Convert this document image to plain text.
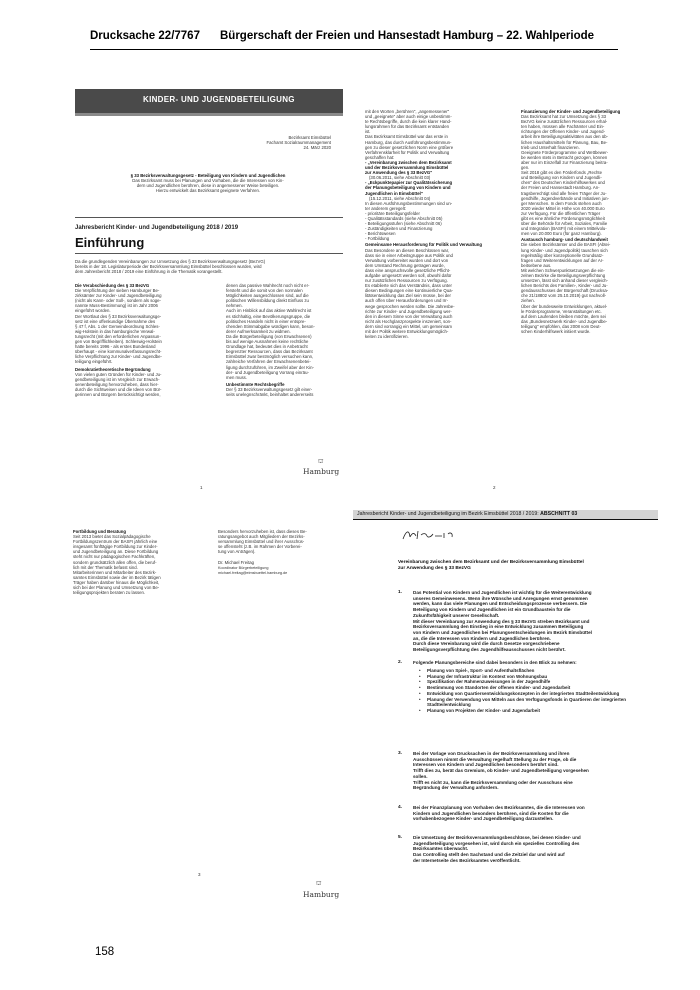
Drucksache 22/7767 Bürgerschaft der Freien und Hansestadt Hamburg – 22. Wahlperiode
KINDER- UND JUGENDBETEILIGUNG
Bezirksamt Eimsbüttel
Fachamt Sozialraummanagement
24. März 2020
§ 33 Bezirksverwaltungsgesetz - Beteiligung von Kindern und Jugendlichen
Das Bezirksamt muss bei Planungen und Vorhaben, die die Interessen von Kin-
dern und Jugendlichen berühren, diese in angemessener Weise beteiligen.
Hierzu entwickelt das Bezirksamt geeignete Verfahren.
Jahresbericht Kinder- und Jugendbeteiligung 2018 / 2019
Einführung
Da die grundlegenden Vereinbarungen zur Umsetzung des § 33 Bezirksverwaltungsgesetz (BezVG)
bereits in der 18. Legislaturperiode der Bezirksversammlung Eimsbüttel beschlossen wurden, wird
dem Jahresbericht 2018 / 2019 eine Einführung in die Thematik vorangestellt.
Die Verabschiedung des § 33 BezVG
Die Verpflichtung der sieben Hamburger Be-
zirksämter zur Kinder- und Jugendbeteiligung
(nicht als Kann- oder Soll-, sondern als soge-
nannte Muss-Bestimmung) ist im Jahr 2006
eingeführt worden.
Der Wortlaut des § 33 Bezirksverwaltungsge-
setz ist eine offenkundige Übernahme des
§ 47 f, Abs. 1 der Gemeindeordnung Schles-
wig-Holstein in das hamburgische Verwal-
tungsrecht (mit den erforderlichen Anpassun-
gen von Begrifflichkeiten). Schleswig-Holstein
hatte bereits 1996 - als erstes Bundesland
überhaupt - eine kommunalverfassungsrecht-
liche Verpflichtung zur Kinder- und Jugendbe-
teiligung eingeführt.
Demokratietheoretische Begründung
Von vielen guten Gründen für Kinder- und Ju-
gendbeteiligung ist im Vergleich zur Erwach-
senenbeteiligung hervorzuheben, dass hier-
durch die Sichtweisen und die Ideen von Bür-
gerinnen und Bürgern berücksichtigt werden,
denen das passive Wahlrecht noch nicht er-
fersteht und die somit von den normalen
Möglichkeiten ausgeschlossen sind, auf die
politischen Willensbildung direkt Einfluss zu
nehmen.
Auch im Hinblick auf das aktive Wahlrecht ist
es stichhaltig, eine Bevölkerungsgruppe, die
politisches Handeln nicht in einer entspre-
chenden Stimmabgabe würdigen kann, beson-
derer Aufmerksamkeit zu widmen.
Da die Bürgerbeteiligung (von Erwachsenen)
bis auf wenige Ausnahmen keine rechtliche
Grundlage hat, bedeutet dies in Anbetracht
begrenzter Ressourcen, dass das Bezirksamt
Eimsbüttel zwar bestmöglich versuchen kann,
zahlreiche Verfahren der Erwachsenenbetei-
ligung durchzuführen, im Zweifel aber der Kin-
der- und Jugendbeteiligung Vorrang einräu-
men muss.
Unbestimmte Rechtsbegriffe
Der § 33 Bezirksverwaltungsgesetz gilt einer-
seits unelegnschränkt, beinhaltet andererseits
⛫
Hamburg
1
mit den Worten „berühren", „angemessener"
und „geeignete" aber auch einige unbestimm-
te Rechtsbegriffe, durch die kein klarer Hand-
lungsrahmen für das Bezirksamt entstanden
ist.
Das Bezirksamt Eimsbüttel war das erste in
Hamburg, das durch Ausführungsbestimmun-
gen zu dieser gesetzlichen Norm eine größere
Verfahrensklarheit für Politik und Verwaltung
geschaffen hat:
- „Vereinbarung zwischen dem Bezirksamt
und der Bezirksversammlung Eimsbüttel
zur Anwendung des § 33 BezVG"
(30.06.2011, siehe Abschnitt 03)
- „Eckpunktepapier zur Qualitätssicherung
der Planungsbeteiligung von Kindern und
Jugendlichen in Eimsbüttel"
(15.12.2011, siehe Abschnitt 04)
In diesen Ausführungsbestimmungen sind un-
ter anderem geregelt:
- prioritäre Beteiligungsfelder
- Qualitätsstandards (siehe Abschnitt 05)
- Beteiligungsstufen (siehe Abschnitt 06)
- Zuständigkeiten und Finanzierung
- Berichtswesen
- Fortbildung
Gemeinsame Herausforderung für Politik und Verwaltung
Das Besondere an diesen Beschlüssen war,
dass sie in einer Arbeitsgruppe aus Politik und
Verwaltung vorbereitet wurden und dort von
dem Umstand Rechnung getragen wurde,
dass eine anspruchsvolle gesetzliche Pflicht-
aufgabe umgesetzt werden soll, obwohl dafür
nur zusätzlichen Ressourcen zu Verfügung.
Es etablierte sich das Verständnis, dass unter
diesen Bedingungen eine kontinuierliche Qua-
litätsentwicklung das Ziel sein müsse, bei der
auch offen über Herausforderungen und Irr-
wege gesprochen werden sollte. Die Jahresbe-
richte zur Kinder- und Jugendbeteiligung wer-
den in diesem Sinne von der Verwaltung auch
nicht als Hochglanzprospekte inszeniert, son-
dern sind vorrangig ein Mittel, um gemeinsam
mit der Politik weitere Entwicklungsmöglich-
keiten zu identifizieren.
Finanzierung der Kinder- und Jugendbeteiligung
Das Bezirksamt hat zur Umsetzung des § 33
BezVG keine zusätzlichen Ressourcen erhal-
ten haben, müssen alle Fachämter und Ein-
richtungen der Offenen Kinder- und Jugend-
arbeit ihre Beteiligungsaktivitäten aus den üb-
lichen Haushaltsmitteln für Planung, Bau, Be-
trieb und Unterhalt finanzieren.
Geeignete Förderprogramme und Wettbewer-
be werden stets in Betracht gezogen, können
aber nur im Einzelfall zur Finanzierung beitra-
gen.
Seit 2018 gibt es den Förderfonds „Rechte
und Beteiligung von Kindern und Jugendli-
chen" des Deutschen Kinderhilfswerkes und
der Freien und Hansestadt Hamburg. An-
tragsberechtigt sind alle freien Träger der Ju-
gendhilfe, Jugendverbände und Initiativen jun-
ger Menschen. In dem Fonds stehen auch
2020 wieder Mittel in Höhe von 40.000 Euro
zur Verfügung. Für die öffentlichen Träger
gibt es eine ähnliche Förderungsmöglichkeit
über die Behörde für Arbeit, Soziales, Familie
und Integration (BASFI) mit einem Mittelvolu-
men von 20.000 Euro (für ganz Hamburg).
Austausch hamburg- und deutschlandweit
Die sieben Bezirksämter und die BASFI (Abtei-
lung Kinder- und Jugendpolitik) tauschen sich
regelmäßig über konzeptionelle Grundsatz-
fragen und Weiterentwicklungen auf der Ar-
beitsebene aus.
Mit welchen Schwerpunktsetzungen die ein-
zelnen Bezirke die Beteiligungsverpflichtung
umsetzen, lässt sich anhand dieser vergleich-
lichen Berichts des Familien-, Kinder- und Ju-
gendausschusses der Bürgerschaft (Drucksa-
che 21/18802 vom 25.10.2019) gut nachvoll-
ziehen.
Über der bundesweite Entwicklungen, aktuel-
le Förderprogramme, Veranstaltungen etc.
auf dem Laufenden bleiben möchte, dem sei
das „Bundesnetzwerk Kinder- und Jugendbe-
teiligung" empfohlen, das 2008 vom Deut-
schen Kinderhilfswerk initiiert wurde.
2
Fortbildung und Beratung
Seit 2013 bietet das Sozialpädagogische
Fortbildungszentrum der BASFI jährlich eine
insgesamt fünftägige Fortbildung zur Kinder-
und Jugendbeteiligung an. Diese Fortbildung
steht nicht nur pädagogischen Fachkräften,
sondern grundsätzlich allen offen, die beruf-
lich mit der Thematik befasst sind.
Mitarbeiterinnen und Mitarbeiter des Bezirk-
samtes Eimsbüttel sowie der im Bezirk tätigen
Träger haben darüber hinaus die Möglichkeit,
sich bei der Planung und Umsetzung von Be-
teiligungsprojekten beraten zu lassen.
Besonders hervorzuheben ist, dass dieses Be-
ratungsangebot auch Mitgliedern der Bezirks-
versammlung Eimsbüttel und ihrer Ausschüs-
se offensteht (z.B. im Rahmen der Vorberei-
tung von Anträgen).
Dr. Michael Freitag
Koordinator Bürgerbeteiligung
michael.freitag@eimsbuettel.hamburg.de
⛫
Hamburg
3
Jahresbericht Kinder- und Jugendbeteiligung im Bezirk Eimsbüttel 2018 / 2019: ABSCHNITT 03
Vereinbarung zwischen dem Bezirksamt und der Bezirksversammlung Eimsbüttel
zur Anwendung des § 33 BezVG
1. Das Potential von Kindern und Jugendlichen ist wichtig für die Weiterentwicklung
unseres Gemeinwesens. Wenn ihre Wünsche und Anregungen ernst genommen
werden, kann das viele Planungen und Entscheidungsprozesse verbessern. Die
Beteiligung von Kindern und Jugendlichen ist ein Grundbaustein für die
Zukunftsfähigkeit unserer Gesellschaft.
Mit dieser Vereinbarung zur Anwendung des § 33 BezVG streben Bezirksamt und
Bezirksversammlung den Einstieg in eine Entwicklung zusammen Beteiligung
von Kindern und Jugendlichen bei Planungsentscheidungen im Bezirk Eimsbüttel
an, die die Interessen von Kindern und Jugendlichen berühren.
Durch diese Vereinbarung wird die durch Gesetze vorgeschriebene
Beteiligungsverpflichtung des Jugendhilfeausschusses nicht berührt.
2. Folgende Planungsbereiche sind dabei besonders in den Blick zu nehmen:
• Planung von Spiel-, Sport- und Aufenthaltsflächen
• Planung der Infrastruktur im Kontext von Wohnungsbau
• Spezifikation der Rahmenzuweisungen in der Jugendhilfe
• Bestimmung von Standorten der offenen Kinder- und Jugendarbeit
• Entwicklung von Quartiersentwicklungskonzepten in der integrierten Stadtteilentwicklung
• Planung der Verwendung von Mitteln aus den Verfügungsfonds in Quartieren der integrierten Stadtteilentwicklung
• Planung von Projekten der Kinder- und Jugendarbeit
3. Bei der Vorlage von Drucksachen in der Bezirksversammlung und ihren
Ausschüssen nimmt die Verwaltung regelhaft Stellung zu der Frage, ob die
Interessen von Kindern und Jugendlichen besonders berührt sind.
Trifft dies zu, berät das Gremium, ob Kinder- und Jugendbeteiligung vorgesehen
sollen.
Trifft es nicht zu, kann die Bezirksversammlung oder der Ausschuss eine
Begründung der Verwaltung anfordern.
4. Bei der Finanzplanung von Vorhaben des Bezirksamtes, die die Interessen von
Kindern und Jugendlichen besonders berühren, sind die Kosten für die
vorhabenbezogene Kinder- und Jugendbeteiligung darzustellen.
5. Die Umsetzung der Bezirksversammlungsbeschlüsse, bei denen Kinder- und
Jugendbeteiligung vorgesehen ist, wird durch ein spezielles Controlling des
Bezirksamtes überwacht.
Das Controlling stellt den Sachstand und die Zeitziel dar und wird auf
der Internetseite des Bezirksamtes veröffentlicht.
158
